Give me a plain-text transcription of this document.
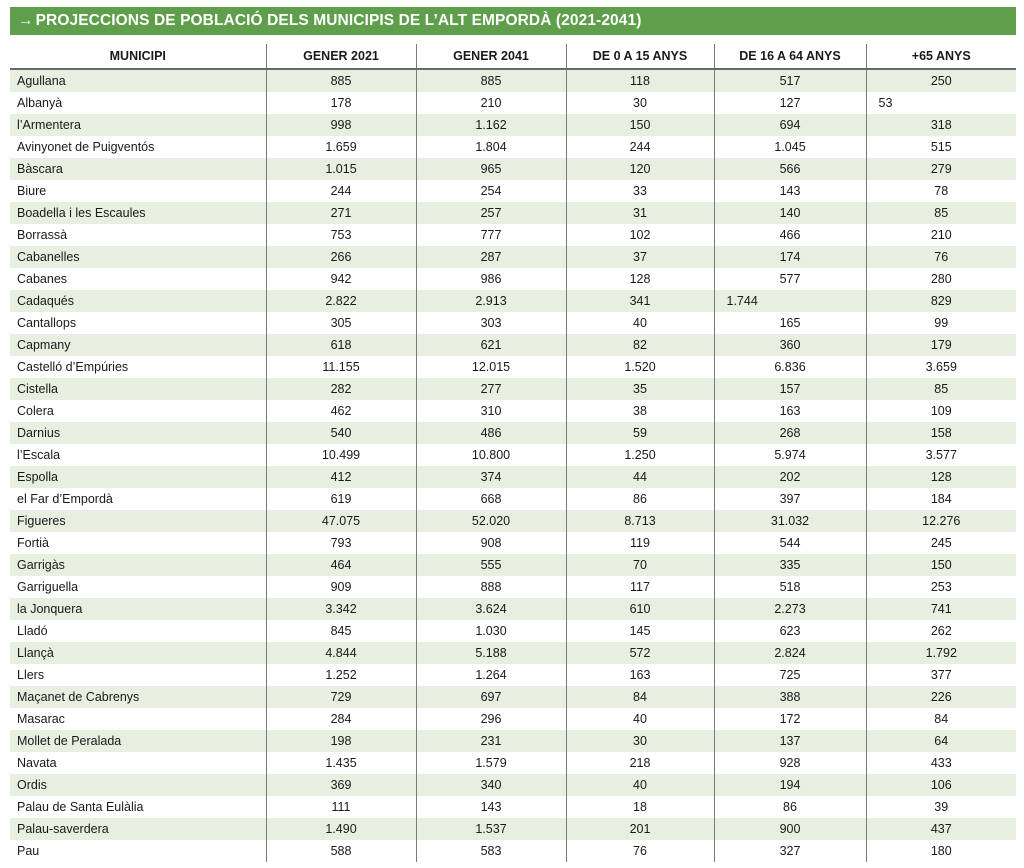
→ PROJECCIONS DE POBLACIÓ DELS MUNICIPIS DE L’ALT EMPORDÀ (2021-2041)
MUNICIPI	GENER 2021	GENER 2041	DE 0 A 15 ANYS	DE 16 A 64 ANYS	+65 ANYS
Agullana	885	885	118	517	250
Albanyà	178	210	30	127	53
l’Armentera	998	1.162	150	694	318
Avinyonet de Puigventós	1.659	1.804	244	1.045	515
Bàscara	1.015	965	120	566	279
Biure	244	254	33	143	78
Boadella i les Escaules	271	257	31	140	85
Borrassà	753	777	102	466	210
Cabanelles	266	287	37	174	76
Cabanes	942	986	128	577	280
Cadaqués	2.822	2.913	341	1.744	829
Cantallops	305	303	40	165	99
Capmany	618	621	82	360	179
Castelló d’Empúries	11.155	12.015	1.520	6.836	3.659
Cistella	282	277	35	157	85
Colera	462	310	38	163	109
Darnius	540	486	59	268	158
l’Escala	10.499	10.800	1.250	5.974	3.577
Espolla	412	374	44	202	128
el Far d’Empordà	619	668	86	397	184
Figueres	47.075	52.020	8.713	31.032	12.276
Fortià	793	908	119	544	245
Garrigàs	464	555	70	335	150
Garriguella	909	888	117	518	253
la Jonquera	3.342	3.624	610	2.273	741
Lladó	845	1.030	145	623	262
Llançà	4.844	5.188	572	2.824	1.792
Llers	1.252	1.264	163	725	377
Maçanet de Cabrenys	729	697	84	388	226
Masarac	284	296	40	172	84
Mollet de Peralada	198	231	30	137	64
Navata	1.435	1.579	218	928	433
Ordis	369	340	40	194	106
Palau de Santa Eulàlia	111	143	18	86	39
Palau-saverdera	1.490	1.537	201	900	437
Pau	588	583	76	327	180
